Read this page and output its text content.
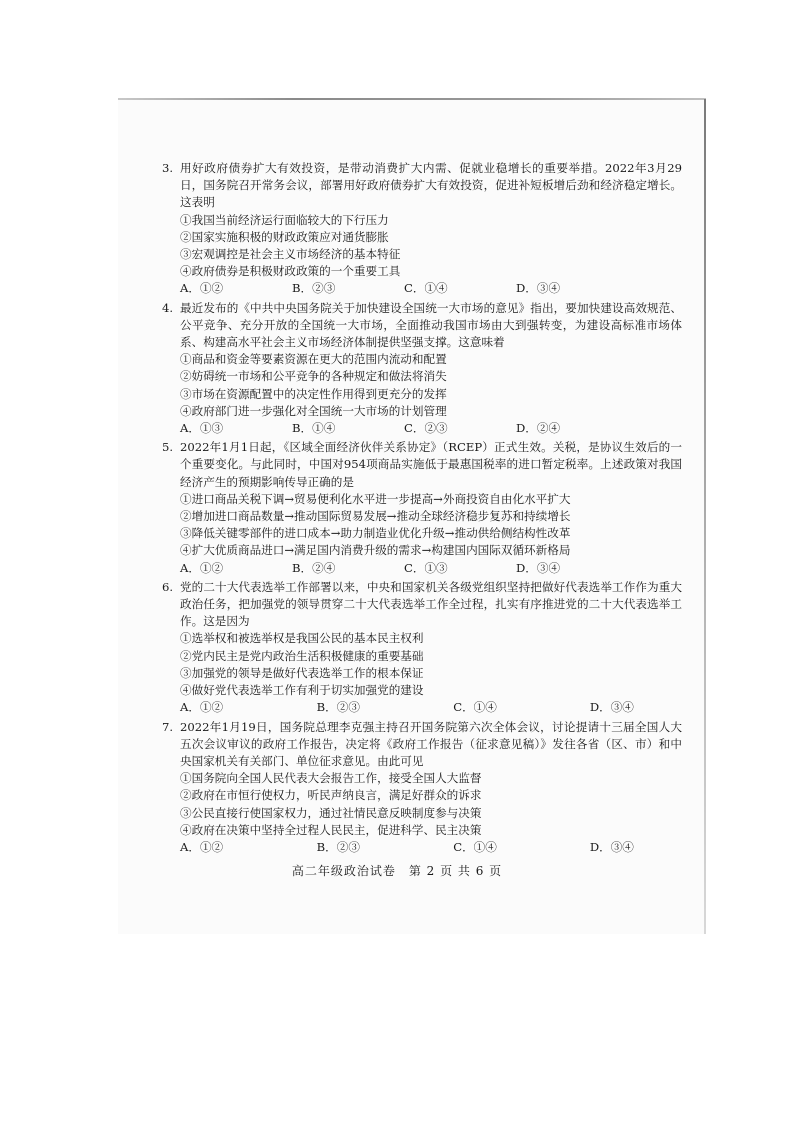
3. 用好政府债券扩大有效投资，是带动消费扩大内需、促就业稳增长的重要举措。2022年3月29日，国务院召开常务会议，部署用好政府债券扩大有效投资，促进补短板增后劲和经济稳定增长。这表明
①我国当前经济运行面临较大的下行压力
②国家实施积极的财政政策应对通货膨胀
③宏观调控是社会主义市场经济的基本特征
④政府债券是积极财政政策的一个重要工具
A．①②	B．②③	C．①④	D．③④
4. 最近发布的《中共中央国务院关于加快建设全国统一大市场的意见》指出，要加快建设高效规范、公平竞争、充分开放的全国统一大市场，全面推动我国市场由大到强转变，为建设高标准市场体系、构建高水平社会主义市场经济体制提供坚强支撑。这意味着
①商品和资金等要素资源在更大的范围内流动和配置
②妨碍统一市场和公平竞争的各种规定和做法将消失
③市场在资源配置中的决定性作用得到更充分的发挥
④政府部门进一步强化对全国统一大市场的计划管理
A．①③	B．①④	C．②③	D．②④
5. 2022年1月1日起，《区域全面经济伙伴关系协定》（RCEP）正式生效。关税，是协议生效后的一个重要变化。与此同时，中国对954项商品实施低于最惠国税率的进口暂定税率。上述政策对我国经济产生的预期影响传导正确的是
①进口商品关税下调→贸易便利化水平进一步提高→外商投资自由化水平扩大
②增加进口商品数量→推动国际贸易发展→推动全球经济稳步复苏和持续增长
③降低关键零部件的进口成本→助力制造业优化升级→推动供给侧结构性改革
④扩大优质商品进口→满足国内消费升级的需求→构建国内国际双循环新格局
A．①②	B．②④	C．①③	D．③④
6. 党的二十大代表选举工作部署以来，中央和国家机关各级党组织坚持把做好代表选举工作作为重大政治任务，把加强党的领导贯穿二十大代表选举工作全过程，扎实有序推进党的二十大代表选举工作。这是因为
①选举权和被选举权是我国公民的基本民主权利
②党内民主是党内政治生活积极健康的重要基础
③加强党的领导是做好代表选举工作的根本保证
④做好党代表选举工作有利于切实加强党的建设
A．①②	B．②③	C．①④	D．③④
7. 2022年1月19日，国务院总理李克强主持召开国务院第六次全体会议，讨论提请十三届全国人大五次会议审议的政府工作报告，决定将《政府工作报告（征求意见稿）》发往各省（区、市）和中央国家机关有关部门、单位征求意见。由此可见
①国务院向全国人民代表大会报告工作，接受全国人大监督
②政府在市恒行使权力，听民声纳良言，满足好群众的诉求
③公民直接行使国家权力，通过社情民意反映制度参与决策
④政府在决策中坚持全过程人民民主，促进科学、民主决策
A．①②	B．②③	C．①④	D．③④
高二年级政治试卷　第 2 页 共 6 页
